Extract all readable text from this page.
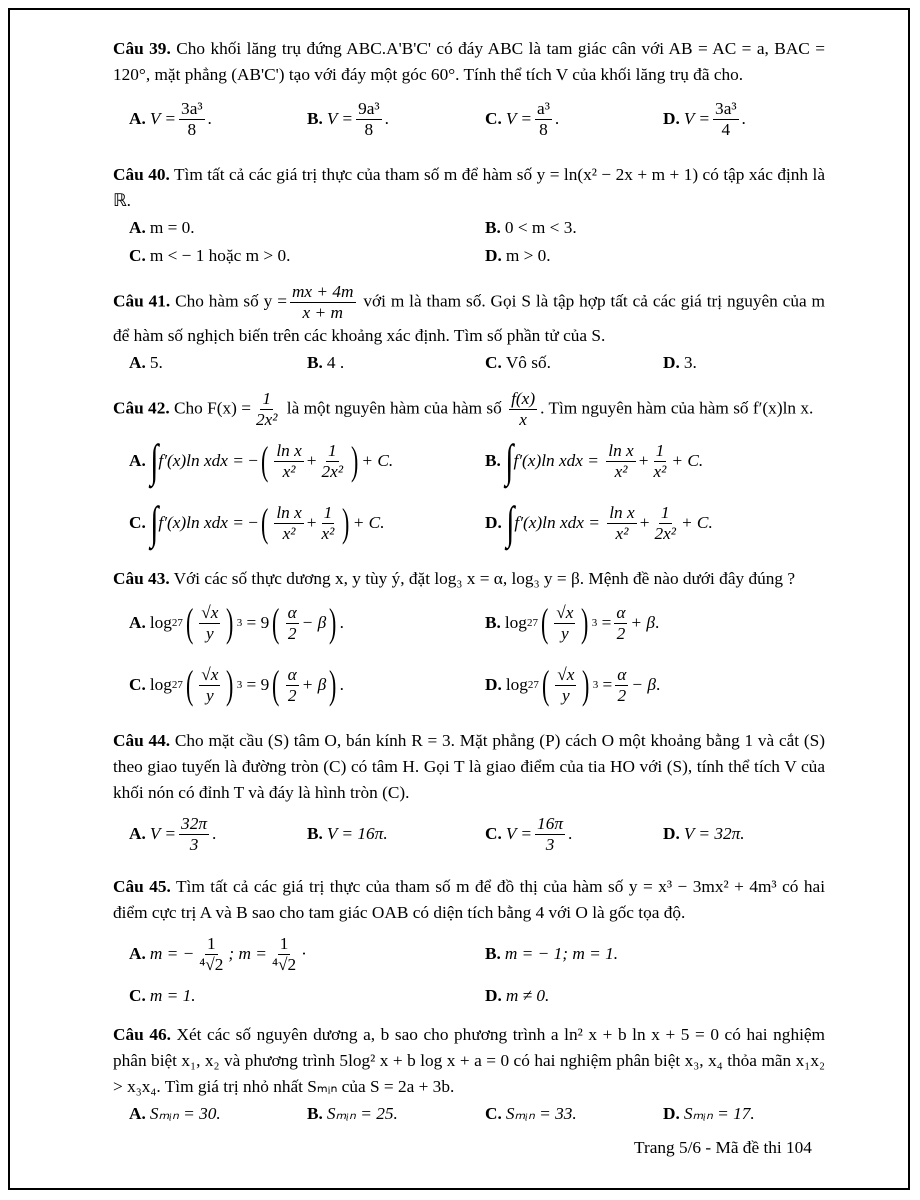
Câu 39. Cho khối lăng trụ đứng ABC.A'B'C' có đáy ABC là tam giác cân với AB = AC = a, BAC = 120°, mặt phẳng (AB'C') tạo với đáy một góc 60°. Tính thể tích V của khối lăng trụ đã cho.
A. $V = \frac{\text{3a³}}{8}$ .	B. $V = \frac{\text{9a³}}{8}$ .	C. $V = \frac{\text{a³}}{8}$ .	D. $V = \frac{\text{3a³}}{4}$ .
Câu 40. Tìm tất cả các giá trị thực của tham số m để hàm số y = ln(x² − 2x + m + 1) có tập xác định là ℝ.
A. m = 0.	B. 0 < m < 3.
C. m < − 1 hoặc m > 0.	D. m > 0.
Câu 41. Cho hàm số $y = \frac{mx + 4m}{x + m}$ với m là tham số. Gọi S là tập hợp tất cả các giá trị nguyên của m để hàm số nghịch biến trên các khoảng xác định. Tìm số phần tử của S.
A. 5.	B. 4 .	C. Vô số.	D. 3.
Câu 42. Cho $F(x) = \frac{1}{\text{2x²}}$ là một nguyên hàm của hàm số $\frac{f(x)}{x}$ . Tìm nguyên hàm của hàm số f′(x)ln x.
A. ∫ f′(x)ln xdx =
− ( $\frac{\text{ln x}}{\text{x²}} + \frac{1}{\text{2x²}}$ ) + C.	B. ∫ f′(x)ln xdx =
$\frac{\text{ln x}}{\text{x²}} + \frac{1}{\text{x²}} + C$.
C. ∫ f′(x)ln xdx =
− ( $\frac{\text{ln x}}{\text{x²}} + \frac{1}{\text{x²}}$ ) + C.	D. ∫ f′(x)ln xdx =
$\frac{\text{ln x}}{\text{x²}} + \frac{1}{\text{2x²}} + C$.
Câu 43. Với các số thực dương x, y tùy ý, đặt log₃ x = α, log₃ y = β. Mệnh đề nào dưới đây đúng ?
A. log 27 ( $\frac{√x}{y}$ ) 3
= 9 ( $\frac{\alpha}{2} - \beta$ ) .	B. log 27 ( $\frac{√x}{y}$ ) 3
= $\frac{\alpha}{2} + \beta$ .
C. log 27 ( $\frac{√x}{y}$ ) 3
= 9 ( $\frac{\alpha}{2} + \beta$ ) .	D. log 27 ( $\frac{√x}{y}$ ) 3
= $\frac{\alpha}{2} - \beta$ .
Câu 44. Cho mặt cầu (S) tâm O, bán kính R = 3. Mặt phẳng (P) cách O một khoảng bằng 1 và cắt (S) theo giao tuyến là đường tròn (C) có tâm H. Gọi T là giao điểm của tia HO với (S), tính thể tích V của khối nón có đỉnh T và đáy là hình tròn (C).
A. $V = \frac{32\pi}{3}$ .	B. V = 16π.	C. $V = \frac{16\pi}{3}$ .	D. V = 32π.
Câu 45. Tìm tất cả các giá trị thực của tham số m để đồ thị của hàm số y = x³ − 3mx² + 4m³ có hai điểm cực trị A và B sao cho tam giác OAB có diện tích bằng 4 với O là gốc tọa độ.
A. m = − $\frac{1}{\text{⁴√2}}$ ; $m = \frac{1}{\text{⁴√2}}$ ·	B. m = − 1; m = 1.
C. m = 1.	D. m ≠ 0.
Câu 46. Xét các số nguyên dương a, b sao cho phương trình a ln² x + b ln x + 5 = 0 có hai nghiệm phân biệt x₁, x₂ và phương trình 5log² x + b log x + a = 0 có hai nghiệm phân biệt x₃, x₄ thỏa mãn x₁x₂ > x₃x₄. Tìm giá trị nhỏ nhất Sₘᵢₙ của S = 2a + 3b.
A. Sₘᵢₙ = 30.	B. Sₘᵢₙ = 25.	C. Sₘᵢₙ = 33.	D. Sₘᵢₙ = 17.
Trang 5/6 - Mã đề thi 104
